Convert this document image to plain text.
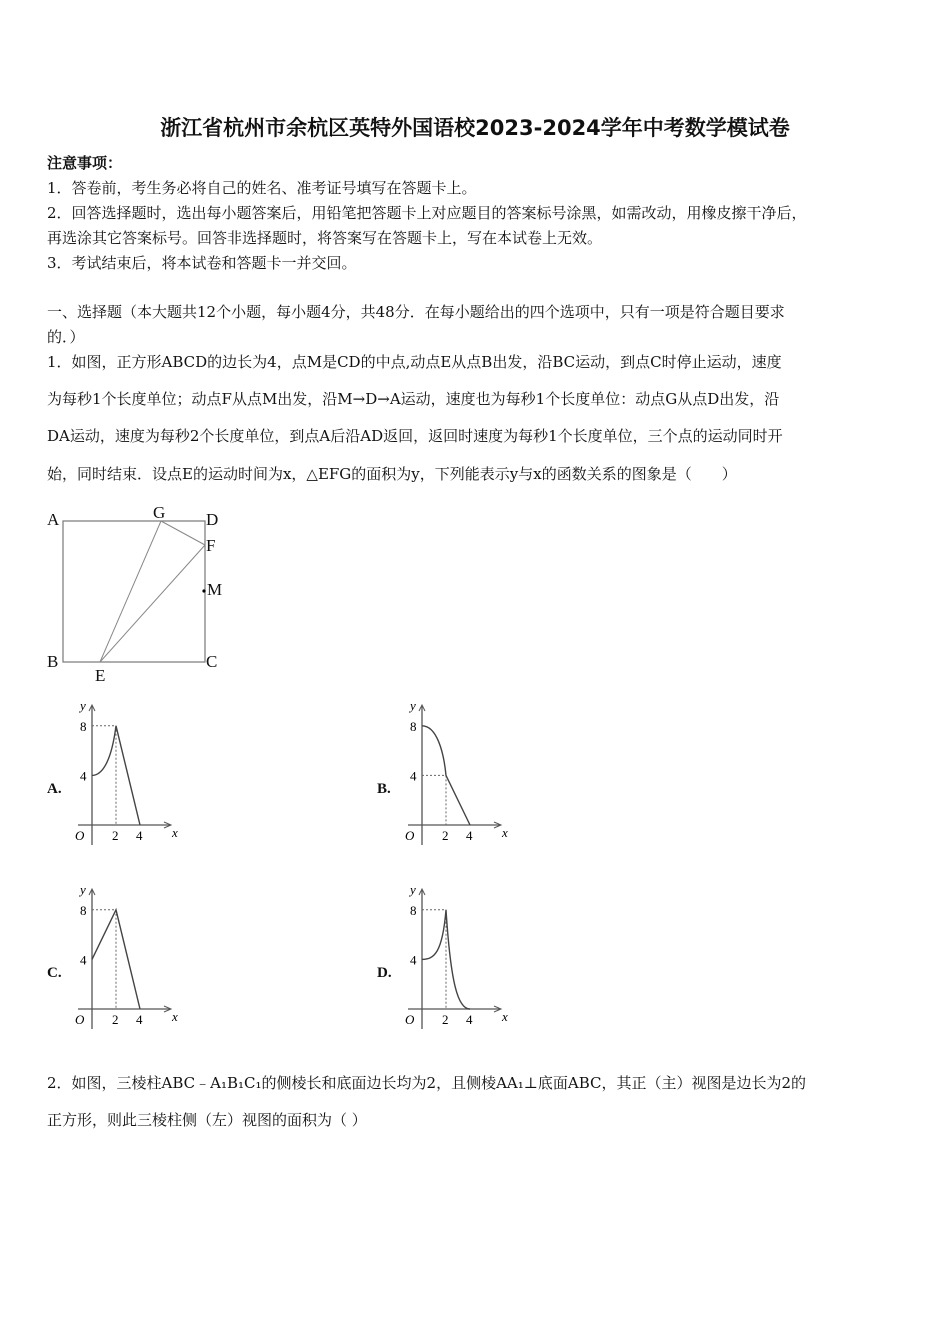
浙江省杭州市余杭区英特外国语校2023-2024学年中考数学模试卷
注意事项：
1．答卷前，考生务必将自己的姓名、准考证号填写在答题卡上。
2．回答选择题时，选出每小题答案后，用铅笔把答题卡上对应题目的答案标号涂黑，如需改动，用橡皮擦干净后，
再选涂其它答案标号。回答非选择题时，将答案写在答题卡上，写在本试卷上无效。
3．考试结束后，将本试卷和答题卡一并交回。
一、选择题（本大题共12个小题，每小题4分，共48分．在每小题给出的四个选项中，只有一项是符合题目要求
的．）
1．如图，正方形ABCD的边长为4，点M是CD的中点,动点E从点B出发，沿BC运动，到点C时停止运动，速度
为每秒1个长度单位；动点F从点M出发，沿M→D→A运动，速度也为每秒1个长度单位：动点G从点D出发，沿
DA运动，速度为每秒2个长度单位，到点A后沿AD返回，返回时速度为每秒1个长度单位，三个点的运动同时开
始，同时结束．设点E的运动时间为x，△EFG的面积为y，下列能表示y与x的函数关系的图象是（　　）
A	G D
F
M
B	C
E
A.	B.
C.	D.
y
x
O
8
4
2 4
y
x
O
8
4
2 4
y
x
O
8
4
2 4
y
x
O
8
4
2 4
2．如图，三棱柱ABC﹣A₁B₁C₁的侧棱长和底面边长均为2，且侧棱AA₁⊥底面ABC，其正（主）视图是边长为2的
正方形，则此三棱柱侧（左）视图的面积为（ ）
